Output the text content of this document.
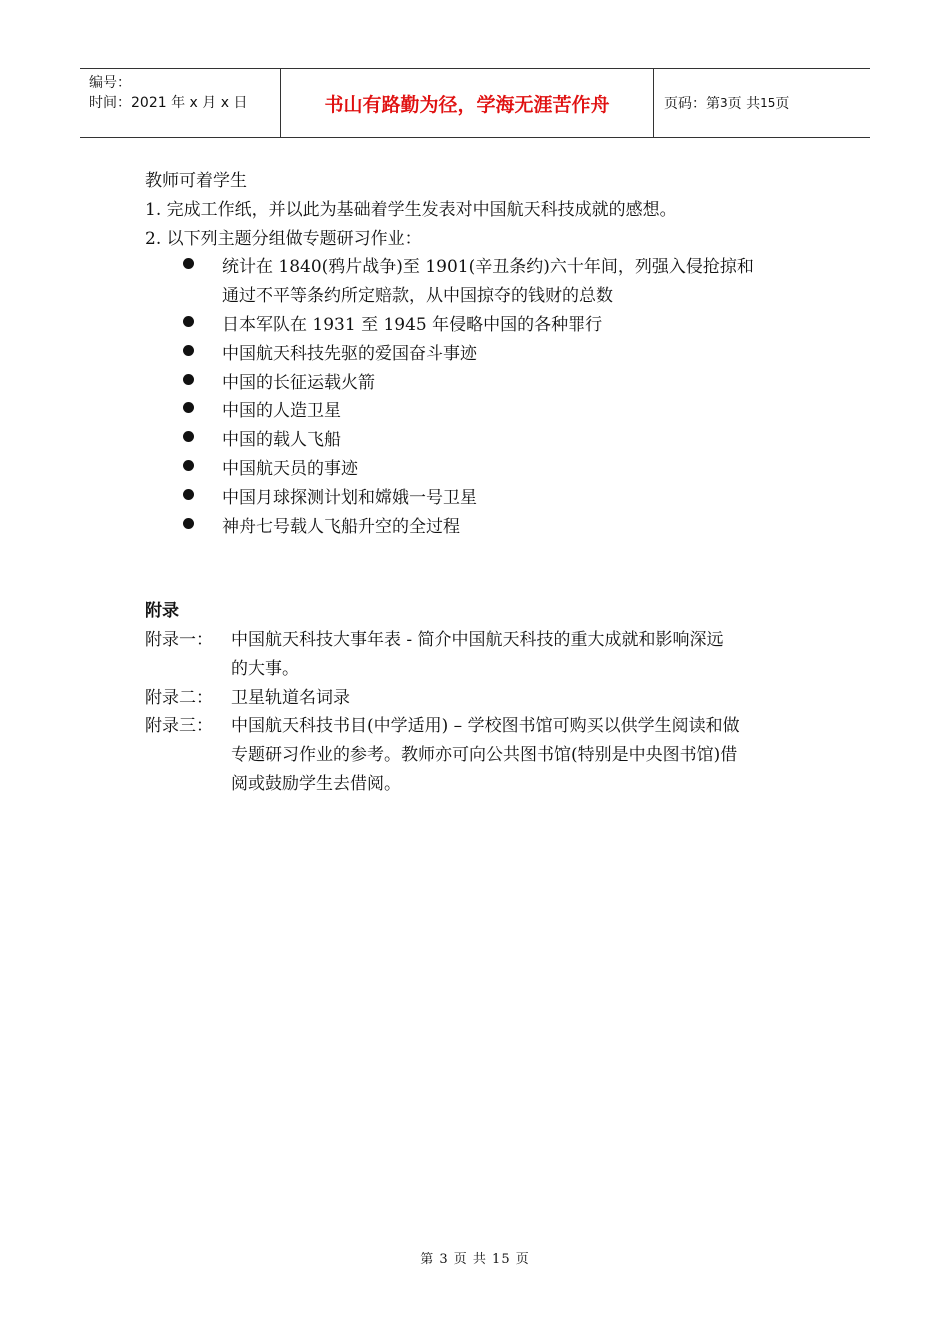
编号：
时间：2021 年 x 月 x 日	书山有路勤为径，学海无涯苦作舟	页码：第 3 页 共 15 页
教师可着学生
1. 完成工作纸，并以此为基础着学生发表对中国航天科技成就的感想。
2. 以下列主题分组做专题研习作业：
统计在 1840(鸦片战争)至 1901(辛丑条约)六十年间，列强入侵抢掠和
通过不平等条约所定赔款，从中国掠夺的钱财的总数
日本军队在 1931 至 1945 年侵略中国的各种罪行
中国航天科技先驱的爱国奋斗事迹
中国的长征运载火箭
中国的人造卫星
中国的载人飞船
中国航天员的事迹
中国月球探测计划和嫦娥一号卫星
神舟七号载人飞船升空的全过程
附录
附录一： 中国航天科技大事年表 - 简介中国航天科技的重大成就和影响深远
的大事。
附录二： 卫星轨道名词录
附录三： 中国航天科技书目(中学适用) – 学校图书馆可购买以供学生阅读和做
专题研习作业的参考。教师亦可向公共图书馆(特别是中央图书馆)借
阅或鼓励学生去借阅。
第 3 页 共 15 页
